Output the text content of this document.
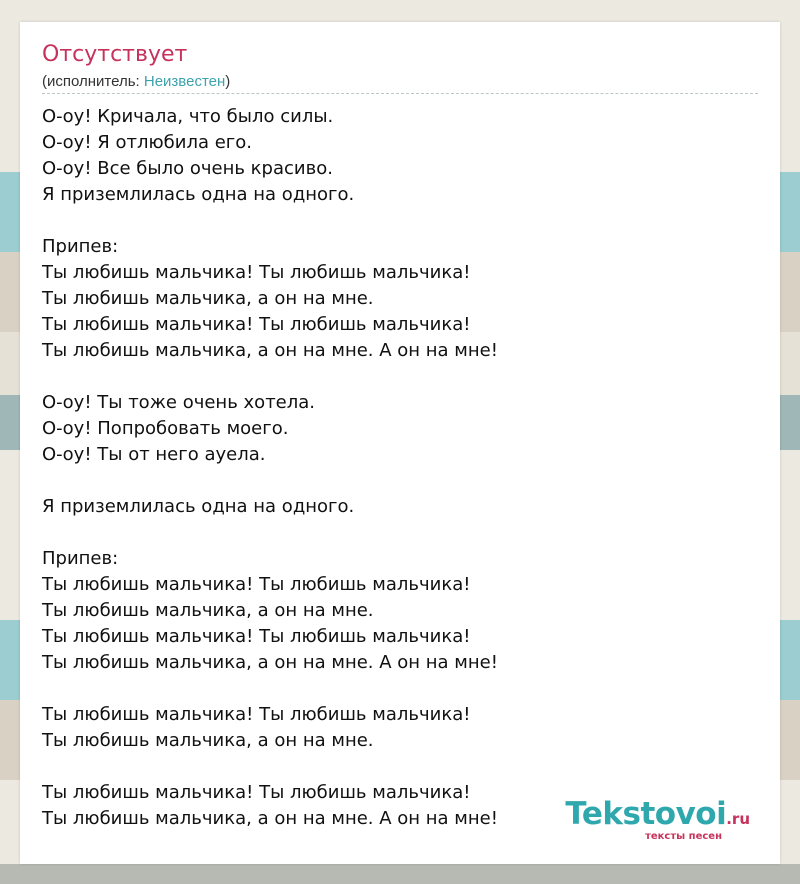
Отсутствует
(исполнитель: Неизвестен)
О-оу! Кричала, что было силы.
О-оу! Я отлюбила его.
О-оу! Все было очень красиво.
Я приземлилась одна на одного.
Припев:
Ты любишь мальчика! Ты любишь мальчика!
Ты любишь мальчика, а он на мне.
Ты любишь мальчика! Ты любишь мальчика!
Ты любишь мальчика, а он на мне. А он на мне!
О-оу! Ты тоже очень хотела.
О-оу! Попробовать моего.
О-оу! Ты от него ауела.
Я приземлилась одна на одного.
Припев:
Ты любишь мальчика! Ты любишь мальчика!
Ты любишь мальчика, а он на мне.
Ты любишь мальчика! Ты любишь мальчика!
Ты любишь мальчика, а он на мне. А он на мне!
Ты любишь мальчика! Ты любишь мальчика!
Ты любишь мальчика, а он на мне.
Ты любишь мальчика! Ты любишь мальчика!
Ты любишь мальчика, а он на мне. А он на мне! Tekstovoi.ru
тексты песен
